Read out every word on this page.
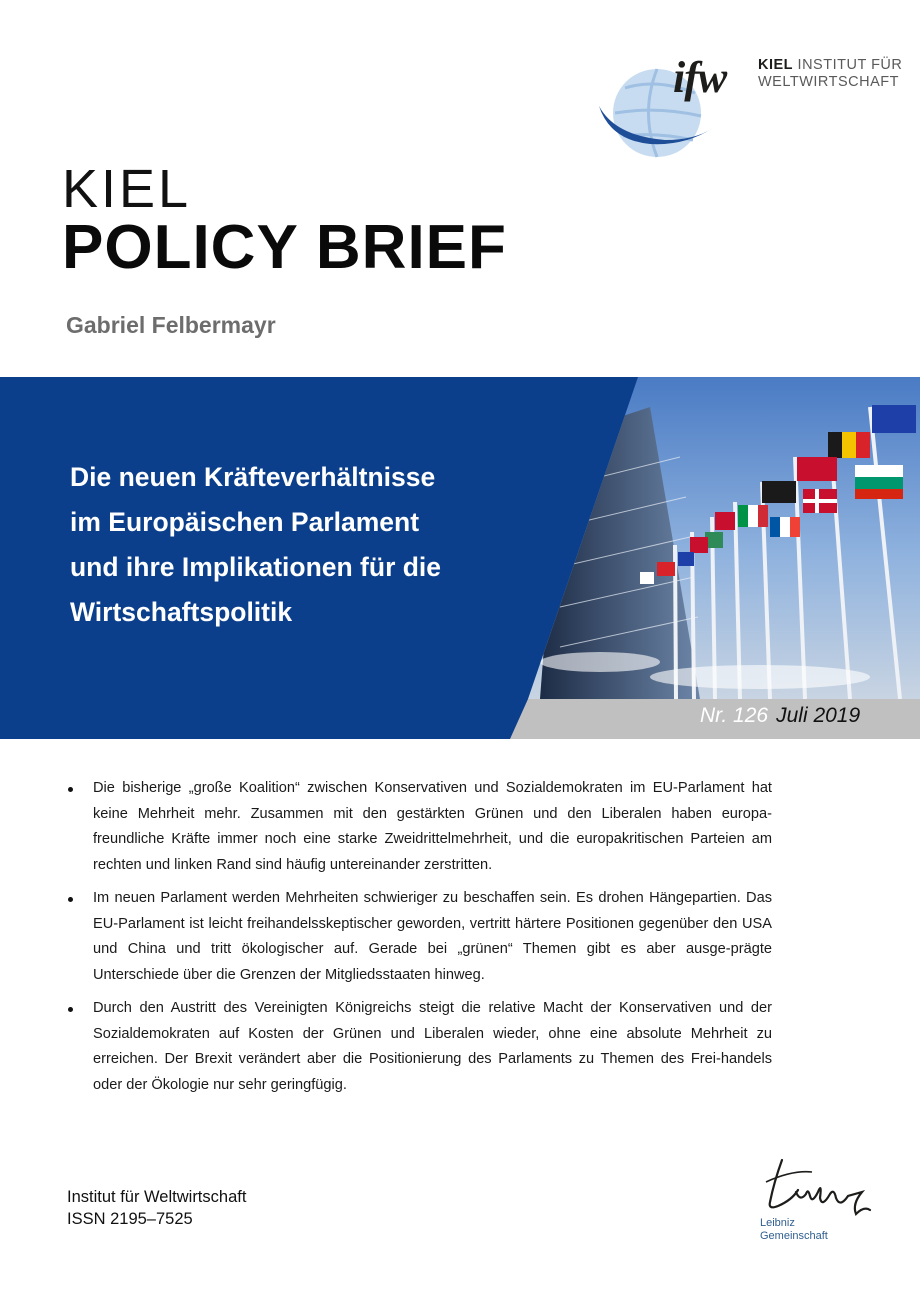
ifw KIEL INSTITUT FÜR
WELTWIRTSCHAFT
KIEL
POLICY BRIEF
Gabriel Felbermayr
Die neuen Kräfteverhältnisse
im Europäischen Parlament
und ihre Implikationen für die
Wirtschaftspolitik
Nr. 126 Juli 2019
Die bisherige „große Koalition“ zwischen Konservativen und Sozialdemokraten im EU-Parlament hat keine Mehrheit mehr. Zusammen mit den gestärkten Grünen und den Liberalen haben europa-freundliche Kräfte immer noch eine starke Zweidrittelmehrheit, und die europakritischen Parteien am rechten und linken Rand sind häufig untereinander zerstritten.
Im neuen Parlament werden Mehrheiten schwieriger zu beschaffen sein. Es drohen Hängepartien. Das EU-Parlament ist leicht freihandelsskeptischer geworden, vertritt härtere Positionen gegenüber den USA und China und tritt ökologischer auf. Gerade bei „grünen“ Themen gibt es aber ausge-prägte Unterschiede über die Grenzen der Mitgliedsstaaten hinweg.
Durch den Austritt des Vereinigten Königreichs steigt die relative Macht der Konservativen und der Sozialdemokraten auf Kosten der Grünen und Liberalen wieder, ohne eine absolute Mehrheit zu erreichen. Der Brexit verändert aber die Positionierung des Parlaments zu Themen des Frei-handels oder der Ökologie nur sehr geringfügig.
Institut für Weltwirtschaft
ISSN 2195–7525	Leibniz
Gemeinschaft
